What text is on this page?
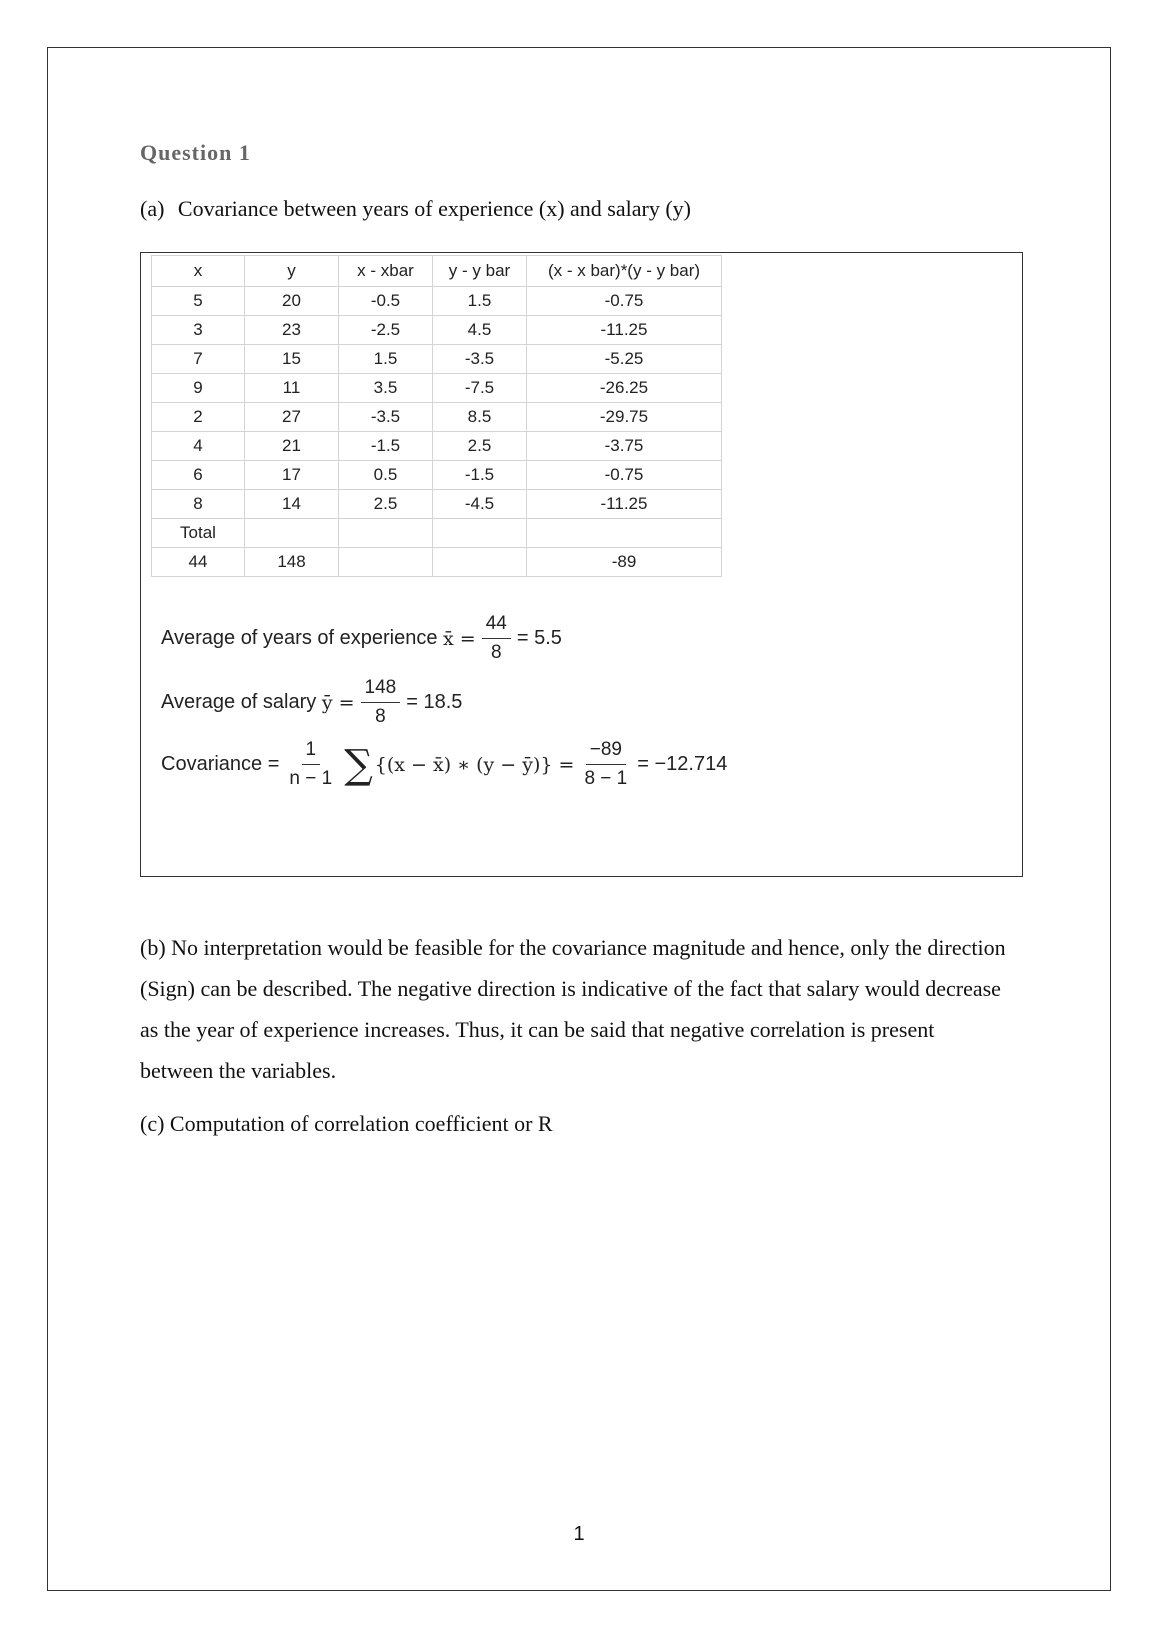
Question 1
(a) Covariance between years of experience (x) and salary (y)
x	y	x - xbar	y - y bar	(x - x bar)*(y - y bar)
5	20	-0.5	1.5	-0.75
3	23	-2.5	4.5	-11.25
7	15	1.5	-3.5	-5.25
9	11	3.5	-7.5	-26.25
2	27	-3.5	8.5	-29.75
4	21	-1.5	2.5	-3.75
6	17	0.5	-1.5	-0.75
8	14	2.5	-4.5	-11.25
Total				
44	148			-89
Average of years of experience
x̄ = $\frac{44}{8} = 5.5$
Average of salary
ȳ = $\frac{148}{8} = 18.5$
Covariance = $\frac{1}{n - 1}$ ∑ {(x − x̄) ∗ (y − ȳ)} = $\frac{-89}{8 - 1} = -12.714$
(b) No interpretation would be feasible for the covariance magnitude and hence, only the direction (Sign) can be described. The negative direction is indicative of the fact that salary would decrease as the year of experience increases. Thus, it can be said that negative correlation is present between the variables.
(c) Computation of correlation coefficient or R
1
